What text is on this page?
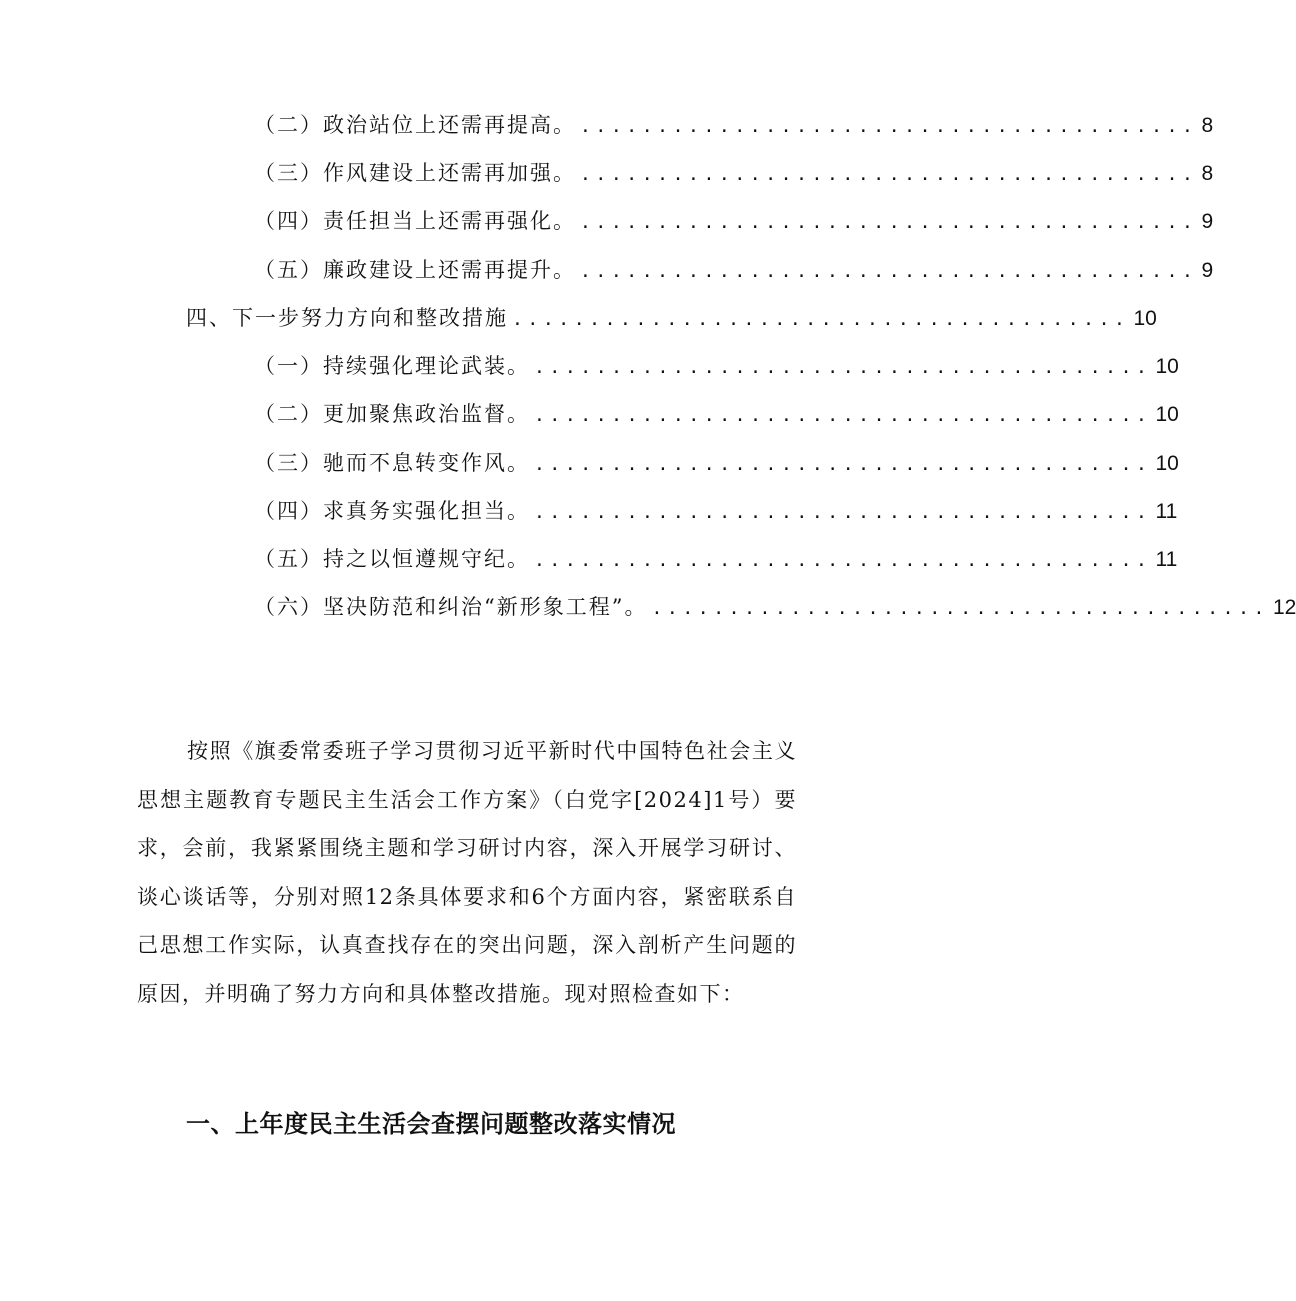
（二）政治站位上还需再提高。 ........................................ 8
（三）作风建设上还需再加强。 ........................................ 8
（四）责任担当上还需再强化。 ........................................ 9
（五）廉政建设上还需再提升。 ........................................ 9
四、下一步努力方向和整改措施 ........................................ 10
（一）持续强化理论武装。 ........................................ 10
（二）更加聚焦政治监督。 ........................................ 10
（三）驰而不息转变作风。 ........................................ 10
（四）求真务实强化担当。 ........................................ 11
（五）持之以恒遵规守纪。 ........................................ 11
（六）坚决防范和纠治“新形象工程”。 ........................................ 12

按照《旗委常委班子学习贯彻习近平新时代中国特色社会主义思想主题教育专题民主生活会工作方案》（白党字[2024]1号）要求，会前，我紧紧围绕主题和学习研讨内容，深入开展学习研讨、谈心谈话等，分别对照12条具体要求和6个方面内容，紧密联系自己思想工作实际，认真查找存在的突出问题，深入剖析产生问题的原因，并明确了努力方向和具体整改措施。现对照检查如下：

一、上年度民主生活会查摆问题整改落实情况
